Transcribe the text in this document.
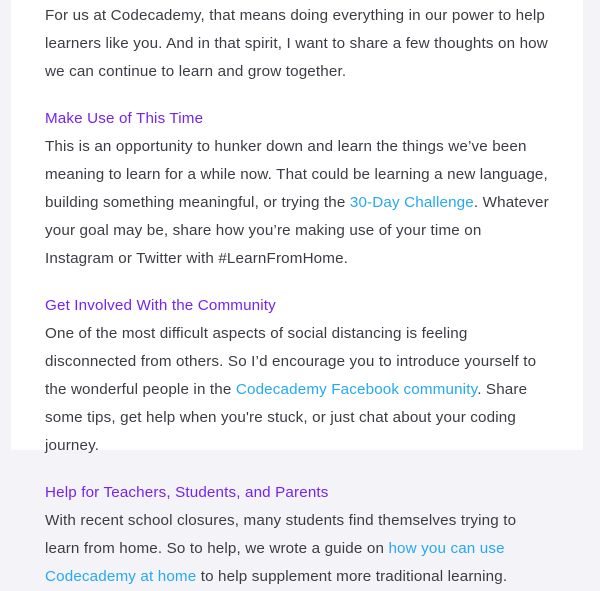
For us at Codecademy, that means doing everything in our power to help learners like you. And in that spirit, I want to share a few thoughts on how we can continue to learn and grow together.

Make Use of This Time

This is an opportunity to hunker down and learn the things we’ve been meaning to learn for a while now. That could be learning a new language, building something meaningful, or trying the 30-Day Challenge. Whatever your goal may be, share how you’re making use of your time on Instagram or Twitter with #LearnFromHome.

Get Involved With the Community

One of the most difficult aspects of social distancing is feeling disconnected from others. So I’d encourage you to introduce yourself to the wonderful people in the Codecademy Facebook community. Share some tips, get help when you're stuck, or just chat about your coding journey.

Help for Teachers, Students, and Parents

With recent school closures, many students find themselves trying to learn from home. So to help, we wrote a guide on how you can use Codecademy at home to help supplement more traditional learning.
